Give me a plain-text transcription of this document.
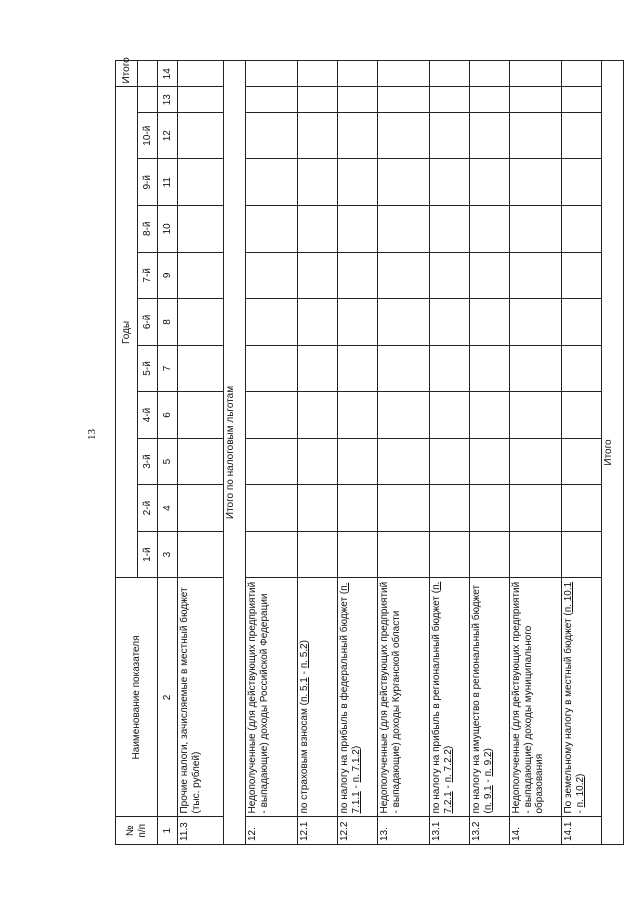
13
№ п/п	Наименование показателя	Годы											Итого
		1-й	2-й	3-й	4-й	5-й	6-й	7-й	8-й	9-й	10-й		
1	2	3	4	5	6	7	8	9	10	11	12	13	14
11.3	Прочие налоги, зачисляемые в местный бюджет (тыс. рублей)												
Итого по налоговым льготам													
12.	Недополученные (для действующих предприятий - выпадающие) доходы Российской Федерации												
12.1	по страховым взносам (п. 5.1 - п. 5.2)												
12.2	по налогу на прибыль в федеральный бюджет (п. 7.1.1 - п. 7.1.2)												
13.	Недополученные (для действующих предприятий - выпадающие) доходы Курганской области												
13.1	по налогу на прибыль в региональный бюджет (п. 7.2.1 - п. 7.2.2)												
13.2	по налогу на имущество в региональный бюджет (п. 9.1 - п. 9.2)												
14.	Недополученные (для действующих предприятий - выпадающие) доходы муниципального образования												
14.1	По земельному налогу в местный бюджет (п. 10.1 - п. 10.2)												
Итого													
